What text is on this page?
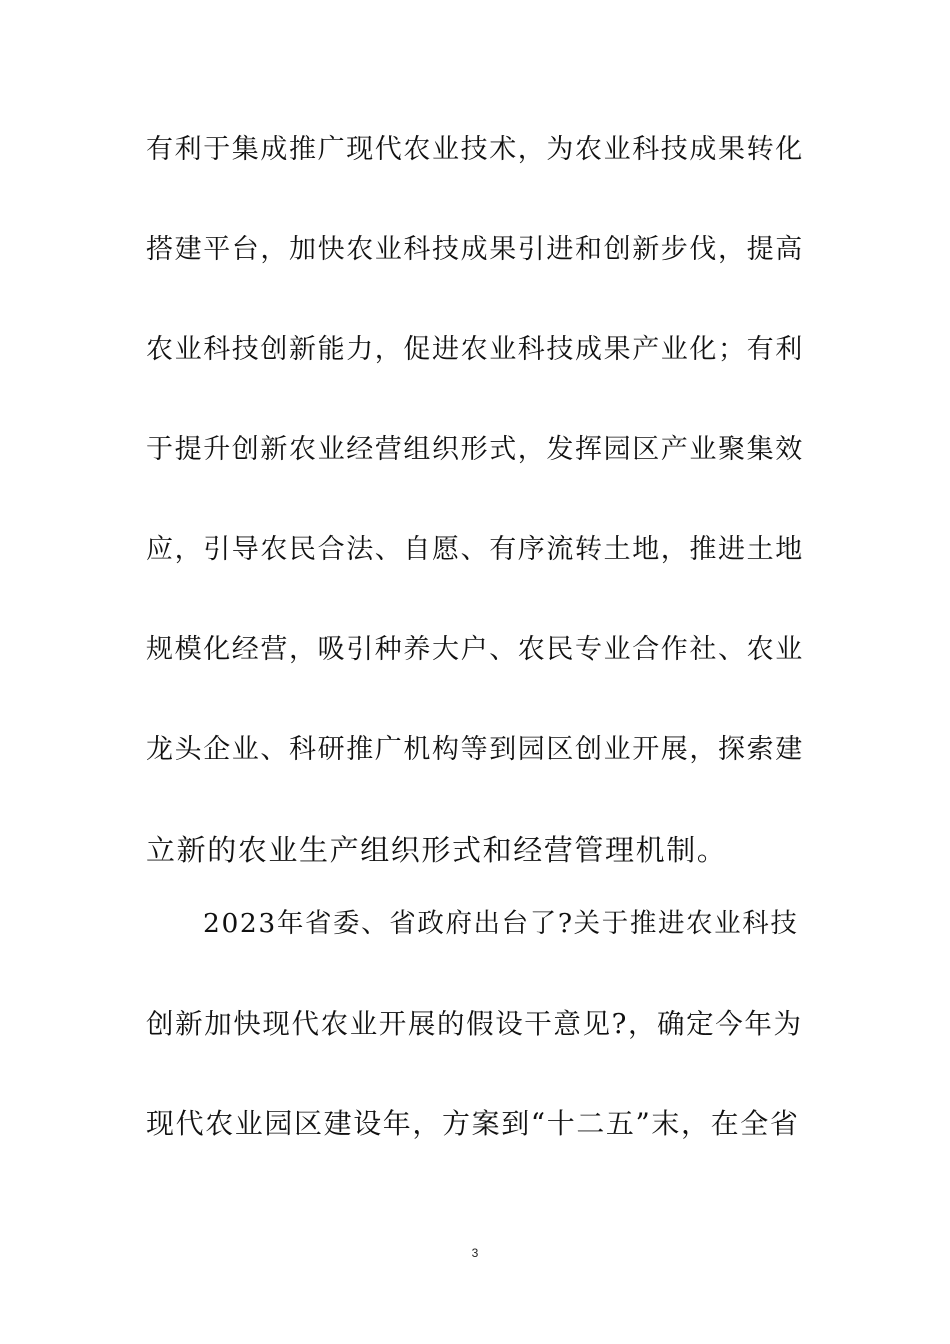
有利于集成推广现代农业技术，为农业科技成果转化
搭建平台，加快农业科技成果引进和创新步伐，提高
农业科技创新能力，促进农业科技成果产业化；有利
于提升创新农业经营组织形式，发挥园区产业聚集效
应，引导农民合法、自愿、有序流转土地，推进土地
规模化经营，吸引种养大户、农民专业合作社、农业
龙头企业、科研推广机构等到园区创业开展，探索建
立新的农业生产组织形式和经营管理机制。
2023年省委、省政府出台了?关于推进农业科技
创新加快现代农业开展的假设干意见?，确定今年为
现代农业园区建设年，方案到“十二五”末，在全省
3
